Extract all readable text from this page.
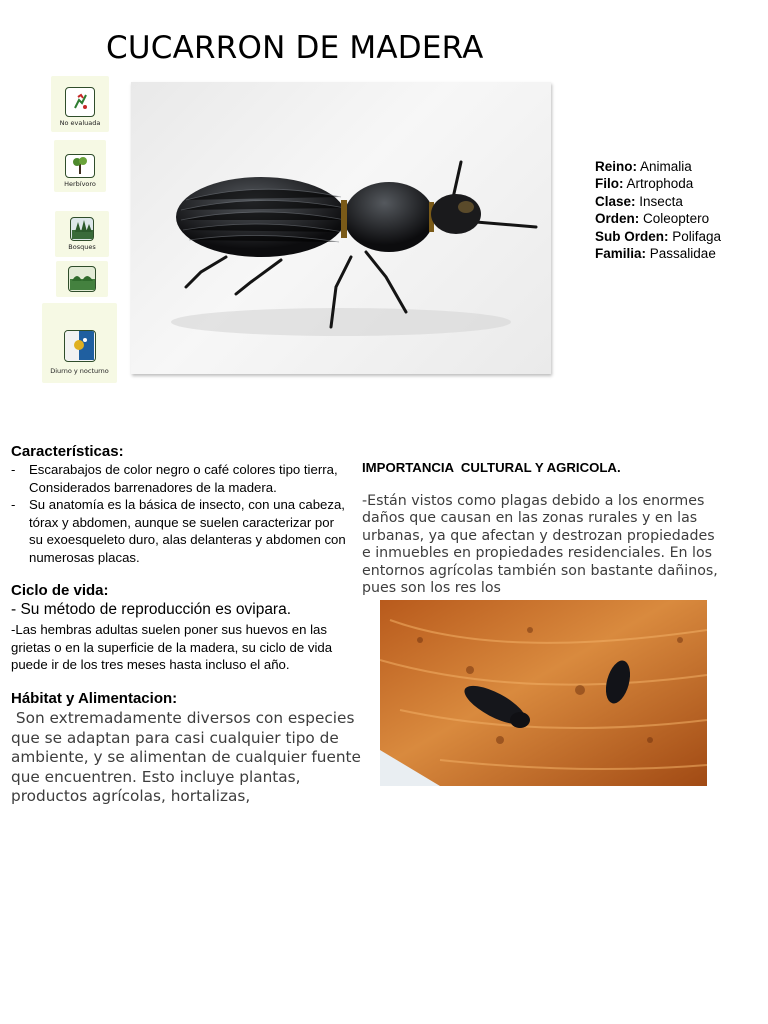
CUCARRON DE MADERA
No evaluada
Herbívoro
Bosques
Diurno y nocturno
Reino: Animalia
Filo: Artrophoda
Clase: Insecta
Orden: Coleoptero
Sub Orden: Polifaga
Familia: Passalidae
Características:
- Escarabajos de color negro o café colores tipo tierra, Considerados barrenadores de la madera.
- Su anatomía es la básica de insecto, con una cabeza, tórax y abdomen, aunque se suelen caracterizar por su exoesqueleto duro, alas delanteras y abdomen con numerosas placas.
Ciclo de vida:
- Su método de reproducción es ovipara.
-Las hembras adultas suelen poner sus huevos en las grietas o en la superficie de la madera, su ciclo de vida puede ir de los tres meses hasta incluso el año.
Hábitat y Alimentacion:
Son extremadamente diversos con especies que se adaptan para casi cualquier tipo de ambiente, y se alimentan de cualquier fuente que encuentren. Esto incluye plantas, productos agrícolas, hortalizas,
IMPORTANCIA  CULTURAL Y AGRICOLA.
-Están vistos como plagas debido a los enormes daños que causan en las zonas rurales y en las urbanas, ya que afectan y destrozan propiedades e inmuebles en propiedades residenciales. En los entornos agrícolas también son bastante dañinos, pues son los res los
